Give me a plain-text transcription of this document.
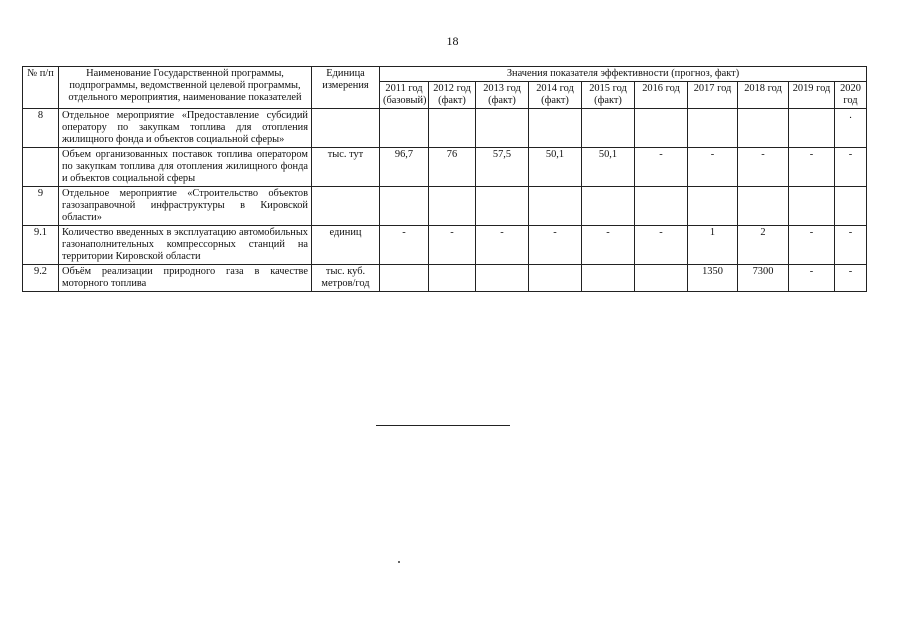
18
№ п/п	Наименование Государственной программы, подпрограммы, ведомственной целевой программы, отдельного мероприятия, наименование показателей	Единица измерения	Значения показателя эффективности (прогноз, факт)									
			2011 год (базовый)	2012 год (факт)	2013 год (факт)	2014 год (факт)	2015 год (факт)	2016 год	2017 год	2018 год	2019 год	2020 год
8	Отдельное мероприятие «Предоставление субсидий оператору по закупкам топлива для отопления жилищного фонда и объектов социальной сферы»											.
	Объем организованных поставок топлива оператором по закупкам топлива для отопления жилищного фонда и объектов социальной сферы	тыс. тут	96,7	76	57,5	50,1	50,1	-	-	-	-	-
9	Отдельное мероприятие «Строительство объектов газозаправочной инфраструктуры в Кировской области»											
9.1	Количество введенных в эксплуатацию автомобильных газонаполнительных компрессорных станций на территории Кировской области	единиц	-	-	-	-	-	-	1	2	-	-
9.2	Объём реализации природного газа в качестве моторного топлива	тыс. куб. метров/год							1350	7300	-	-
